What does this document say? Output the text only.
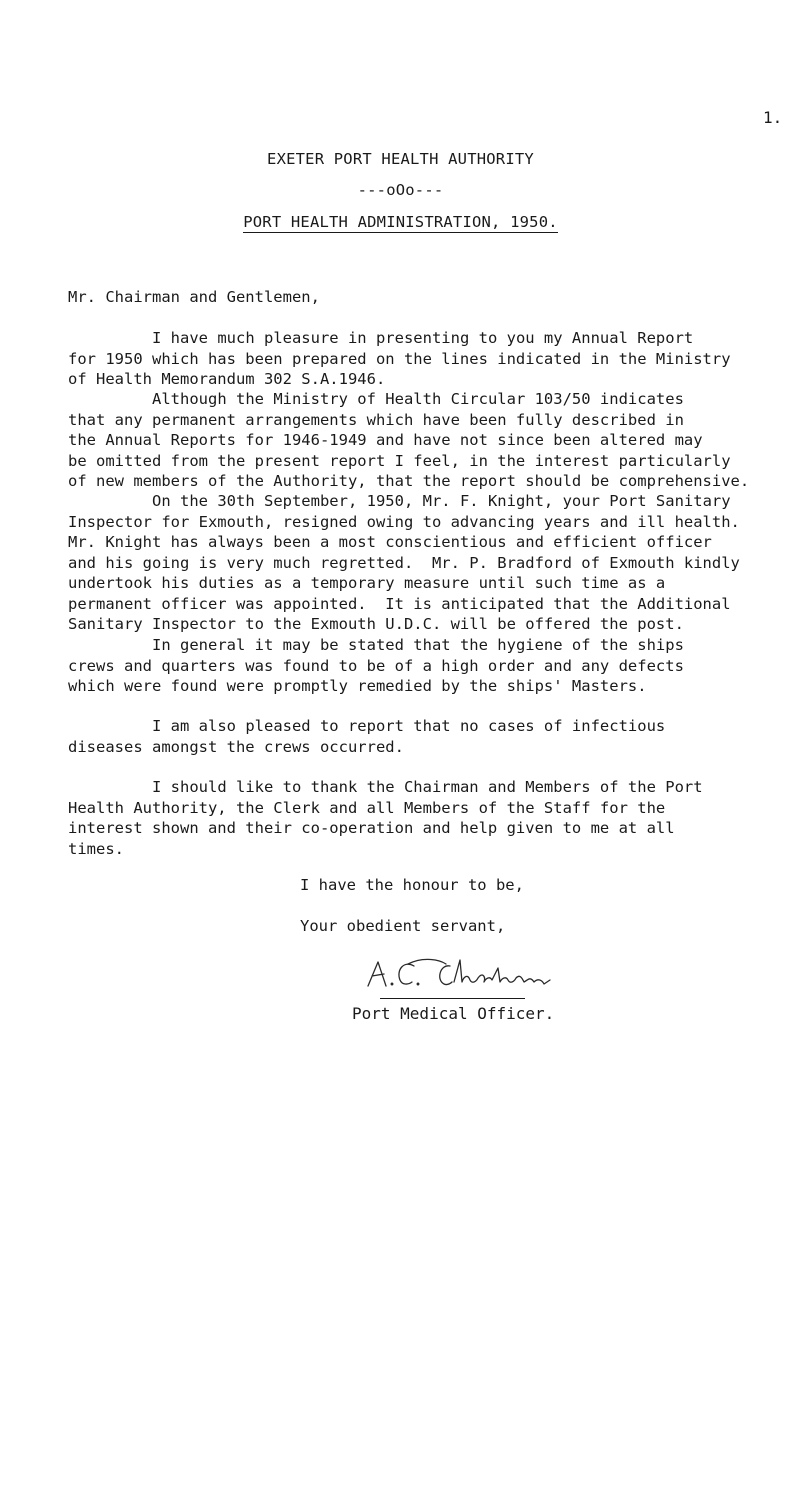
1.
EXETER PORT HEALTH AUTHORITY
---oOo---
PORT HEALTH ADMINISTRATION, 1950.
Mr. Chairman and Gentlemen,
I have much pleasure in presenting to you my Annual Report
for 1950 which has been prepared on the lines indicated in the Ministry
of Health Memorandum 302 S.A.1946.
Although the Ministry of Health Circular 103/50 indicates
that any permanent arrangements which have been fully described in
the Annual Reports for 1946-1949 and have not since been altered may
be omitted from the present report I feel, in the interest particularly
of new members of the Authority, that the report should be comprehensive.
On the 30th September, 1950, Mr. F. Knight, your Port Sanitary
Inspector for Exmouth, resigned owing to advancing years and ill health.
Mr. Knight has always been a most conscientious and efficient officer
and his going is very much regretted.  Mr. P. Bradford of Exmouth kindly
undertook his duties as a temporary measure until such time as a
permanent officer was appointed.  It is anticipated that the Additional
Sanitary Inspector to the Exmouth U.D.C. will be offered the post.
In general it may be stated that the hygiene of the ships
crews and quarters was found to be of a high order and any defects
which were found were promptly remedied by the ships' Masters.
I am also pleased to report that no cases of infectious
diseases amongst the crews occurred.
I should like to thank the Chairman and Members of the Port
Health Authority, the Clerk and all Members of the Staff for the
interest shown and their co-operation and help given to me at all
times.
I have the honour to be,
Your obedient servant,
Port Medical Officer.
